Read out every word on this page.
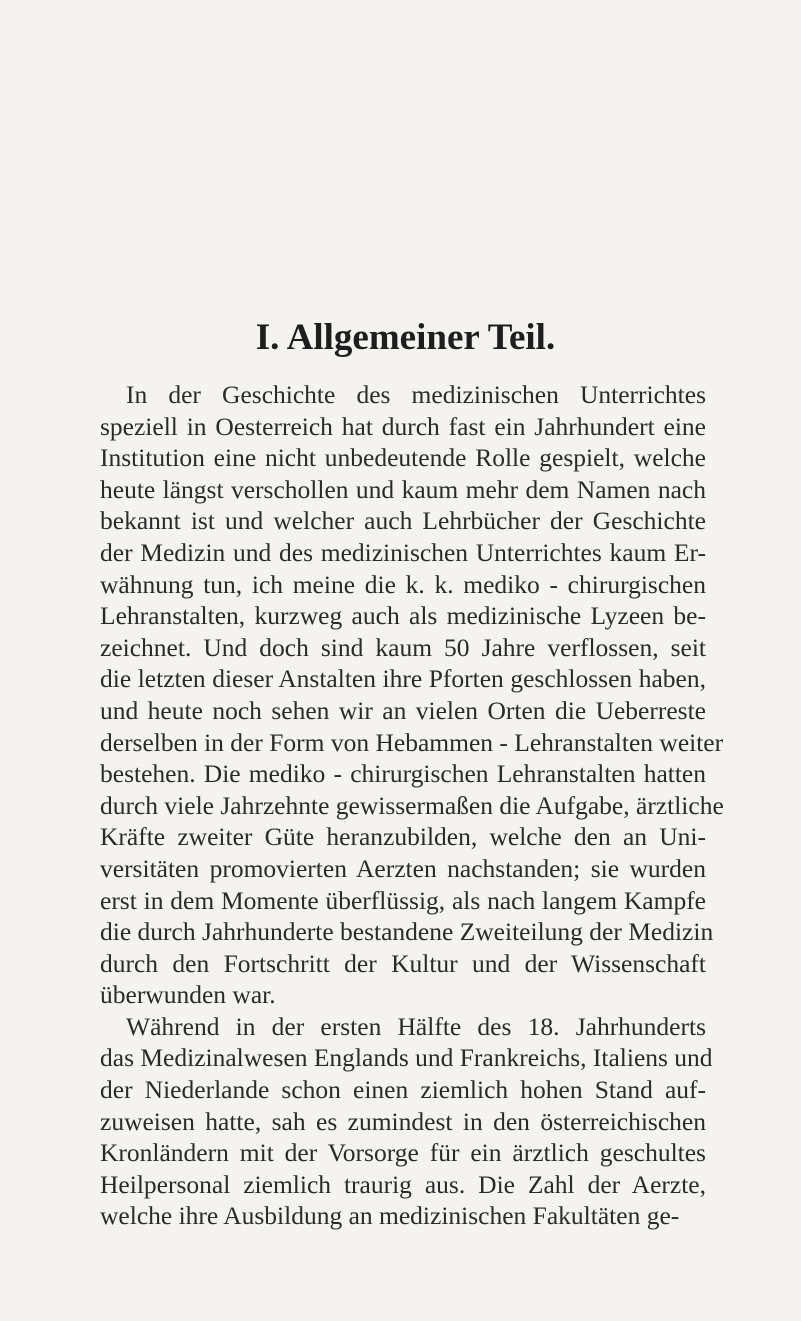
I. Allgemeiner Teil.
In der Geschichte des medizinischen Unterrichtes
speziell in Oesterreich hat durch fast ein Jahrhundert eine
Institution eine nicht unbedeutende Rolle gespielt, welche
heute längst verschollen und kaum mehr dem Namen nach
bekannt ist und welcher auch Lehrbücher der Geschichte
der Medizin und des medizinischen Unterrichtes kaum Er-
wähnung tun, ich meine die k. k. mediko - chirurgischen
Lehranstalten, kurzweg auch als medizinische Lyzeen be-
zeichnet. Und doch sind kaum 50 Jahre verflossen, seit
die letzten dieser Anstalten ihre Pforten geschlossen haben,
und heute noch sehen wir an vielen Orten die Ueberreste
derselben in der Form von Hebammen - Lehranstalten weiter
bestehen. Die mediko - chirurgischen Lehranstalten hatten
durch viele Jahrzehnte gewissermaßen die Aufgabe, ärztliche
Kräfte zweiter Güte heranzubilden, welche den an Uni-
versitäten promovierten Aerzten nachstanden; sie wurden
erst in dem Momente überflüssig, als nach langem Kampfe
die durch Jahrhunderte bestandene Zweiteilung der Medizin
durch den Fortschritt der Kultur und der Wissenschaft
überwunden war.
Während in der ersten Hälfte des 18. Jahrhunderts
das Medizinalwesen Englands und Frankreichs, Italiens und
der Niederlande schon einen ziemlich hohen Stand auf-
zuweisen hatte, sah es zumindest in den österreichischen
Kronländern mit der Vorsorge für ein ärztlich geschultes
Heilpersonal ziemlich traurig aus. Die Zahl der Aerzte,
welche ihre Ausbildung an medizinischen Fakultäten ge-
